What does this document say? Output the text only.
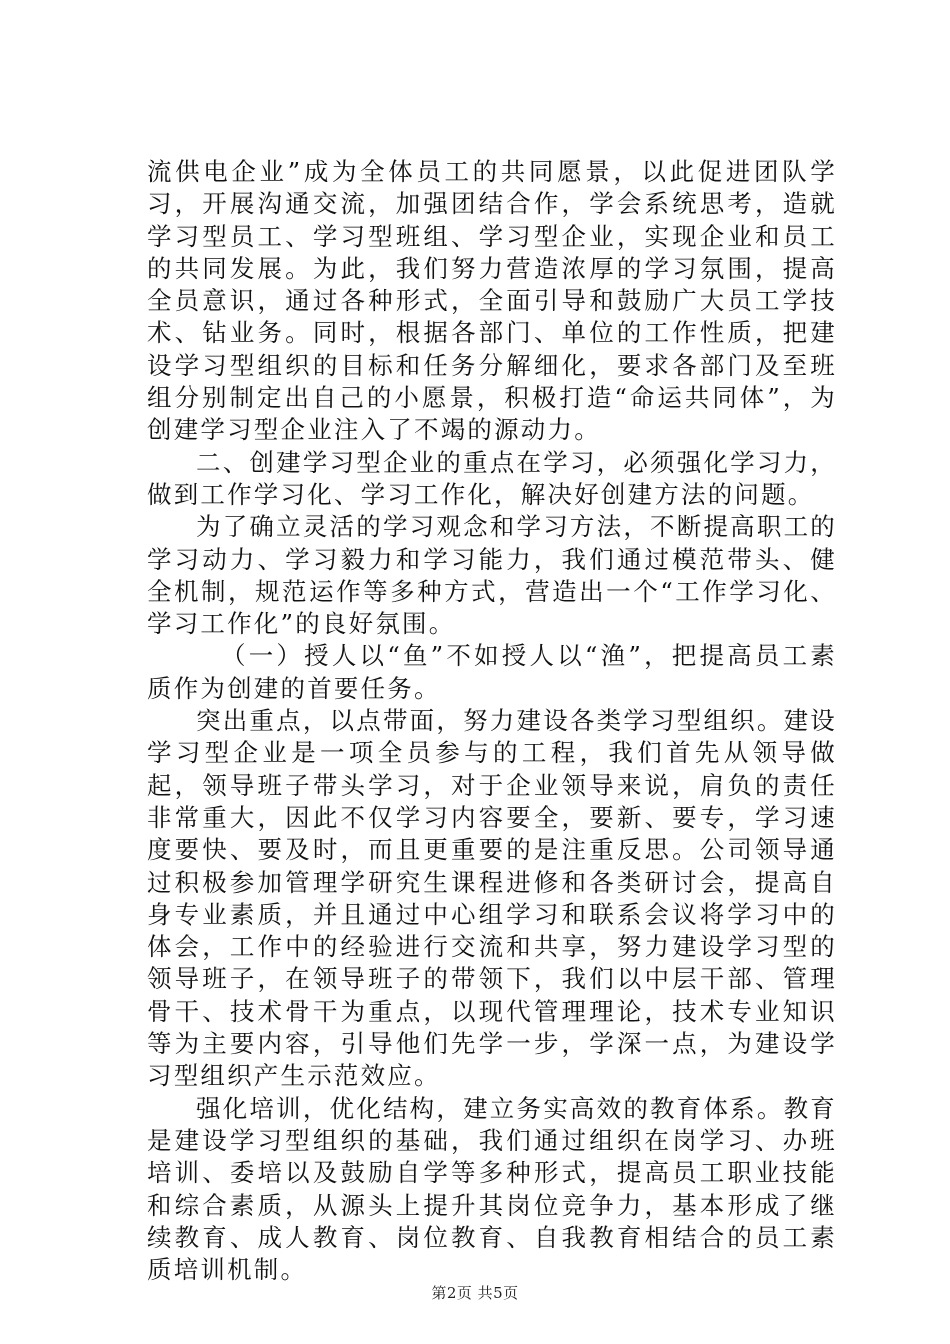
流供电企业”成为全体员工的共同愿景，以此促进团队学习，开展沟通交流，加强团结合作，学会系统思考，造就学习型员工、学习型班组、学习型企业，实现企业和员工的共同发展。为此，我们努力营造浓厚的学习氛围，提高全员意识，通过各种形式，全面引导和鼓励广大员工学技术、钻业务。同时，根据各部门、单位的工作性质，把建设学习型组织的目标和任务分解细化，要求各部门及至班组分别制定出自己的小愿景，积极打造“命运共同体”，为创建学习型企业注入了不竭的源动力。

二、创建学习型企业的重点在学习，必须强化学习力，做到工作学习化、学习工作化，解决好创建方法的问题。

为了确立灵活的学习观念和学习方法，不断提高职工的学习动力、学习毅力和学习能力，我们通过模范带头、健全机制，规范运作等多种方式，营造出一个“工作学习化、学习工作化”的良好氛围。

（一）授人以“鱼”不如授人以“渔”，把提高员工素质作为创建的首要任务。

突出重点，以点带面，努力建设各类学习型组织。建设学习型企业是一项全员参与的工程，我们首先从领导做起，领导班子带头学习，对于企业领导来说，肩负的责任非常重大，因此不仅学习内容要全，要新、要专，学习速度要快、要及时，而且更重要的是注重反思。公司领导通过积极参加管理学研究生课程进修和各类研讨会，提高自身专业素质，并且通过中心组学习和联系会议将学习中的体会，工作中的经验进行交流和共享，努力建设学习型的领导班子，在领导班子的带领下，我们以中层干部、管理骨干、技术骨干为重点，以现代管理理论，技术专业知识等为主要内容，引导他们先学一步，学深一点，为建设学习型组织产生示范效应。

强化培训，优化结构，建立务实高效的教育体系。教育是建设学习型组织的基础，我们通过组织在岗学习、办班培训、委培以及鼓励自学等多种形式，提高员工职业技能和综合素质，从源头上提升其岗位竞争力，基本形成了继续教育、成人教育、岗位教育、自我教育相结合的员工素质培训机制。

第2页 共5页
